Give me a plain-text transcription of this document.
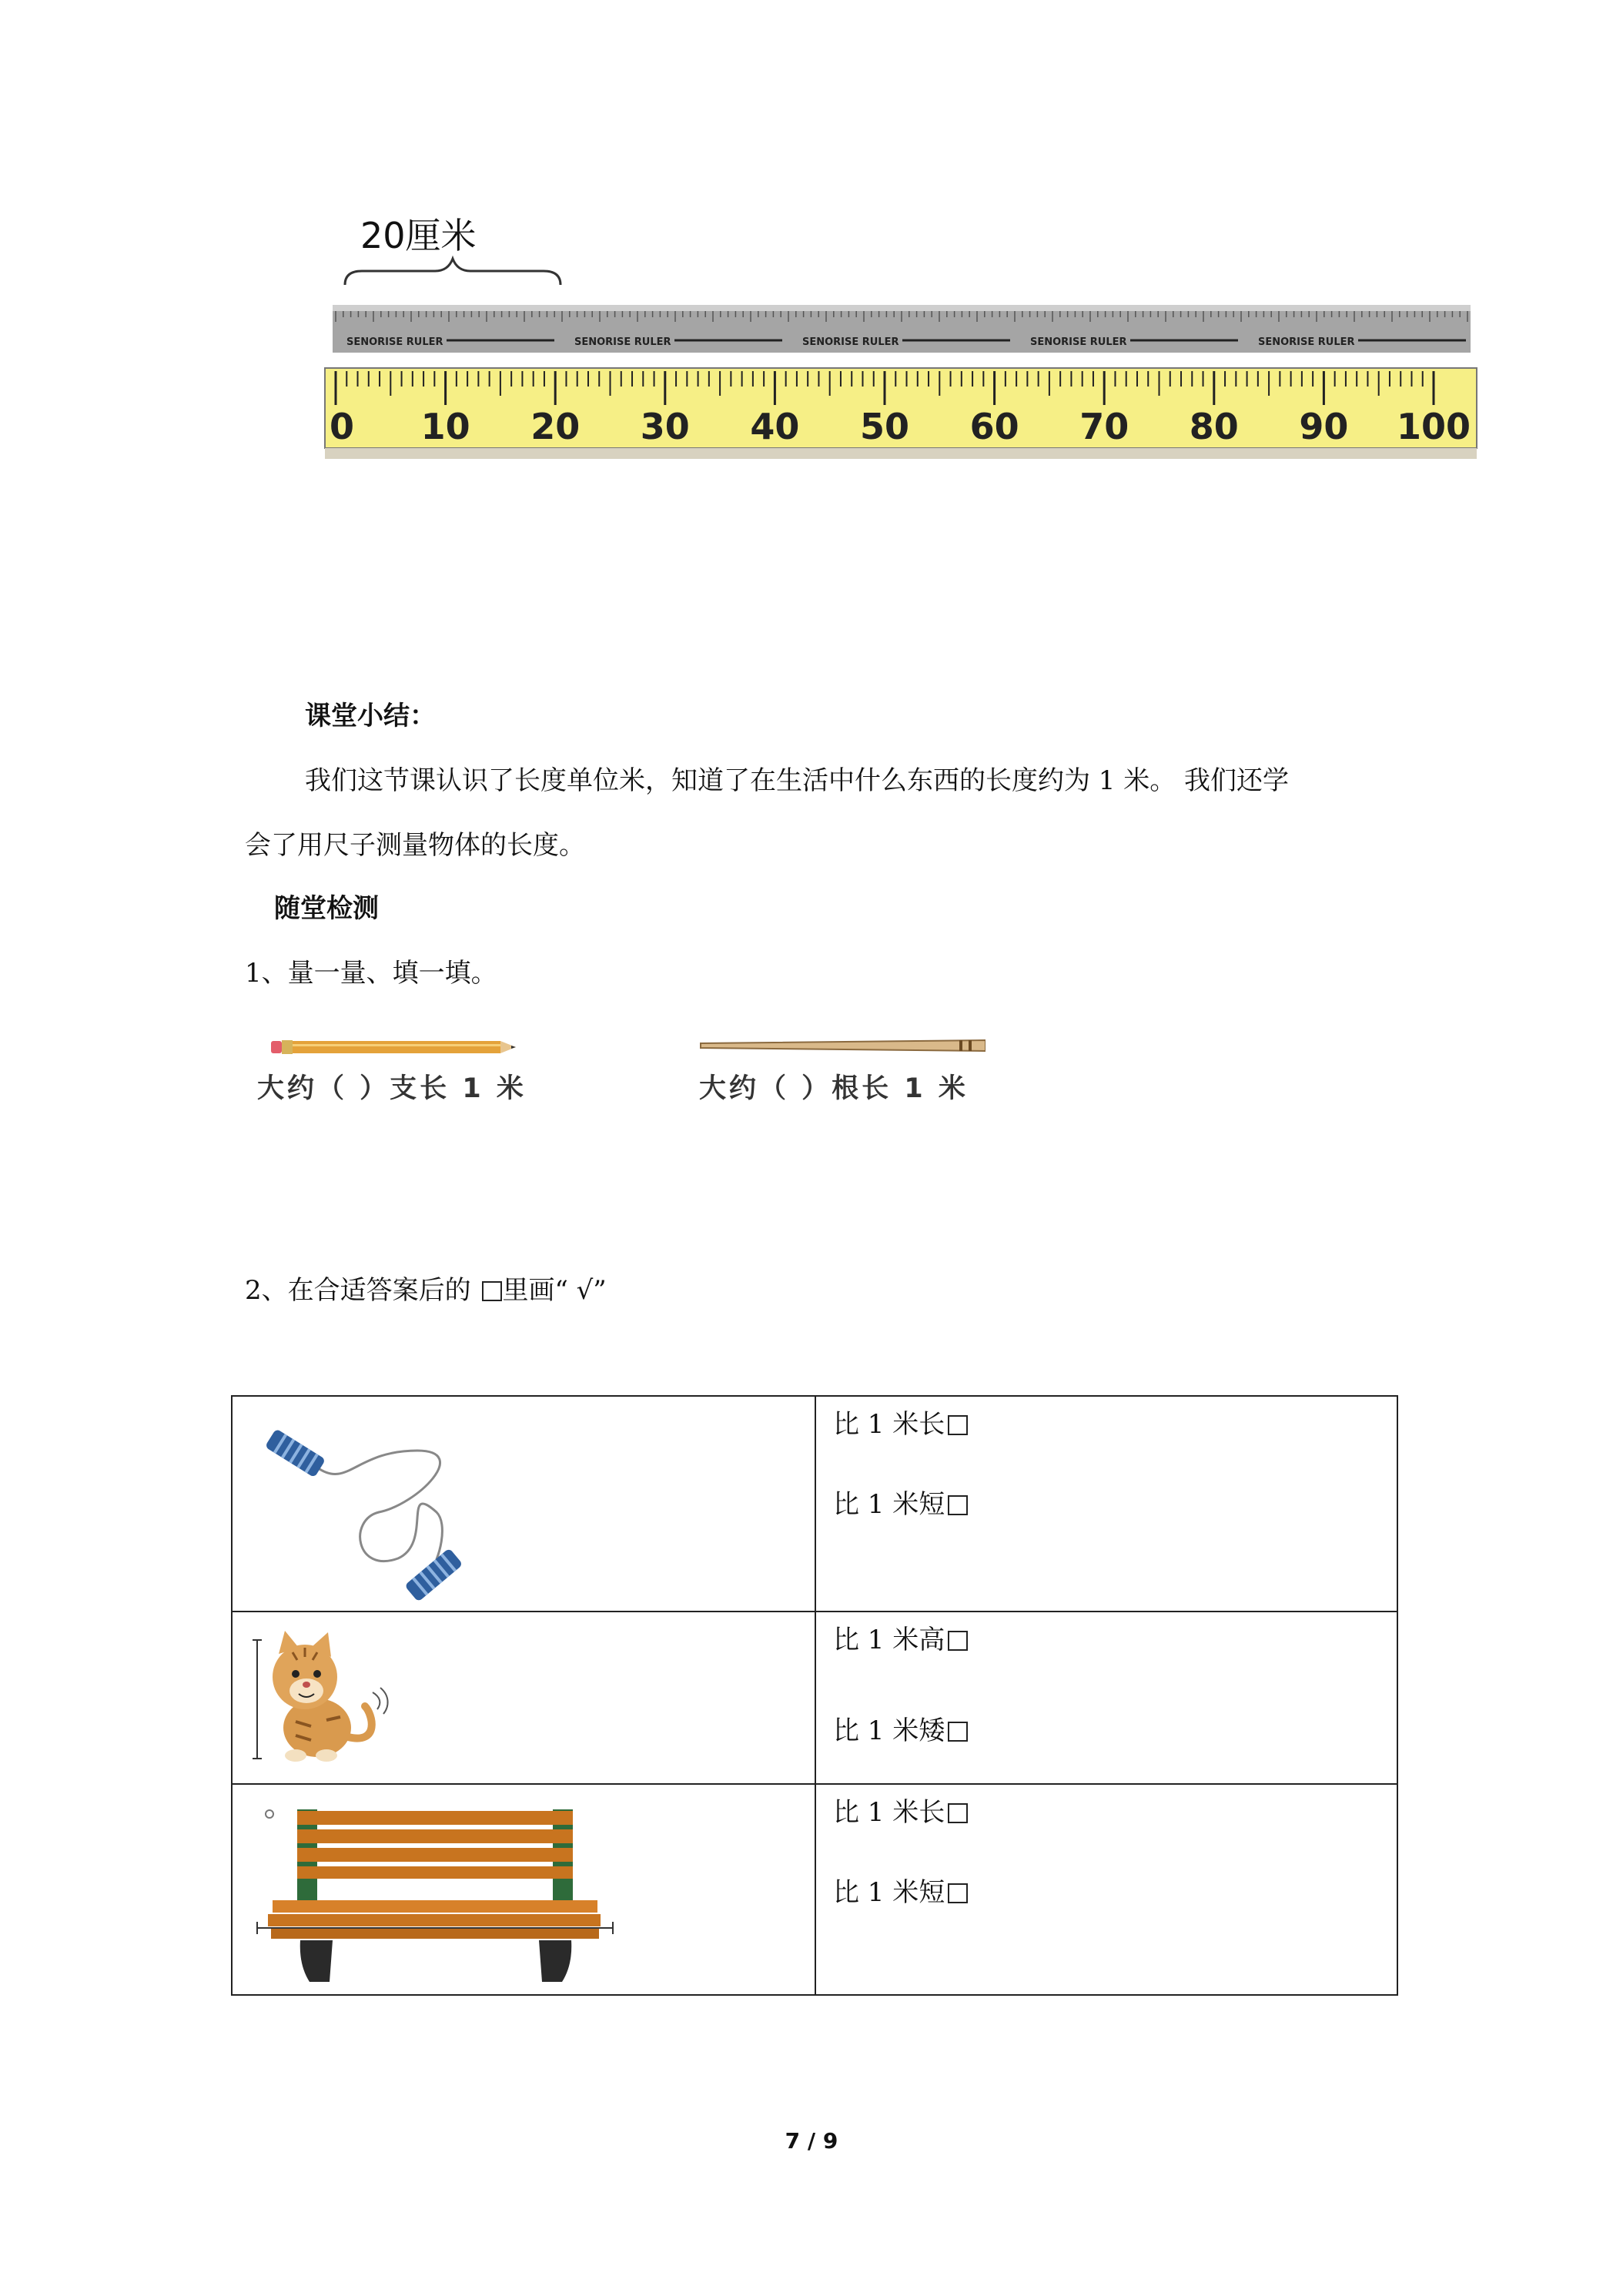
20厘米
SENORISE RULER	SENORISE RULER	SENORISE RULER	SENORISE RULER	SENORISE RULER
0 10 20 30 40 50 60 70 80 90 100
课堂小结：
我们这节课认识了长度单位米，知道了在生活中什么东西的长度约为 1 米。 我们还学
会了用尺子测量物体的长度。
随堂检测
1、量一量、填一填。
大约（ ）支长 1 米	大约（ ）根长 1 米
2、在合适答案后的 里画“ √”
比 1 米长
比 1 米短
比 1 米高
比 1 米矮
比 1 米长
比 1 米短
7 / 9
